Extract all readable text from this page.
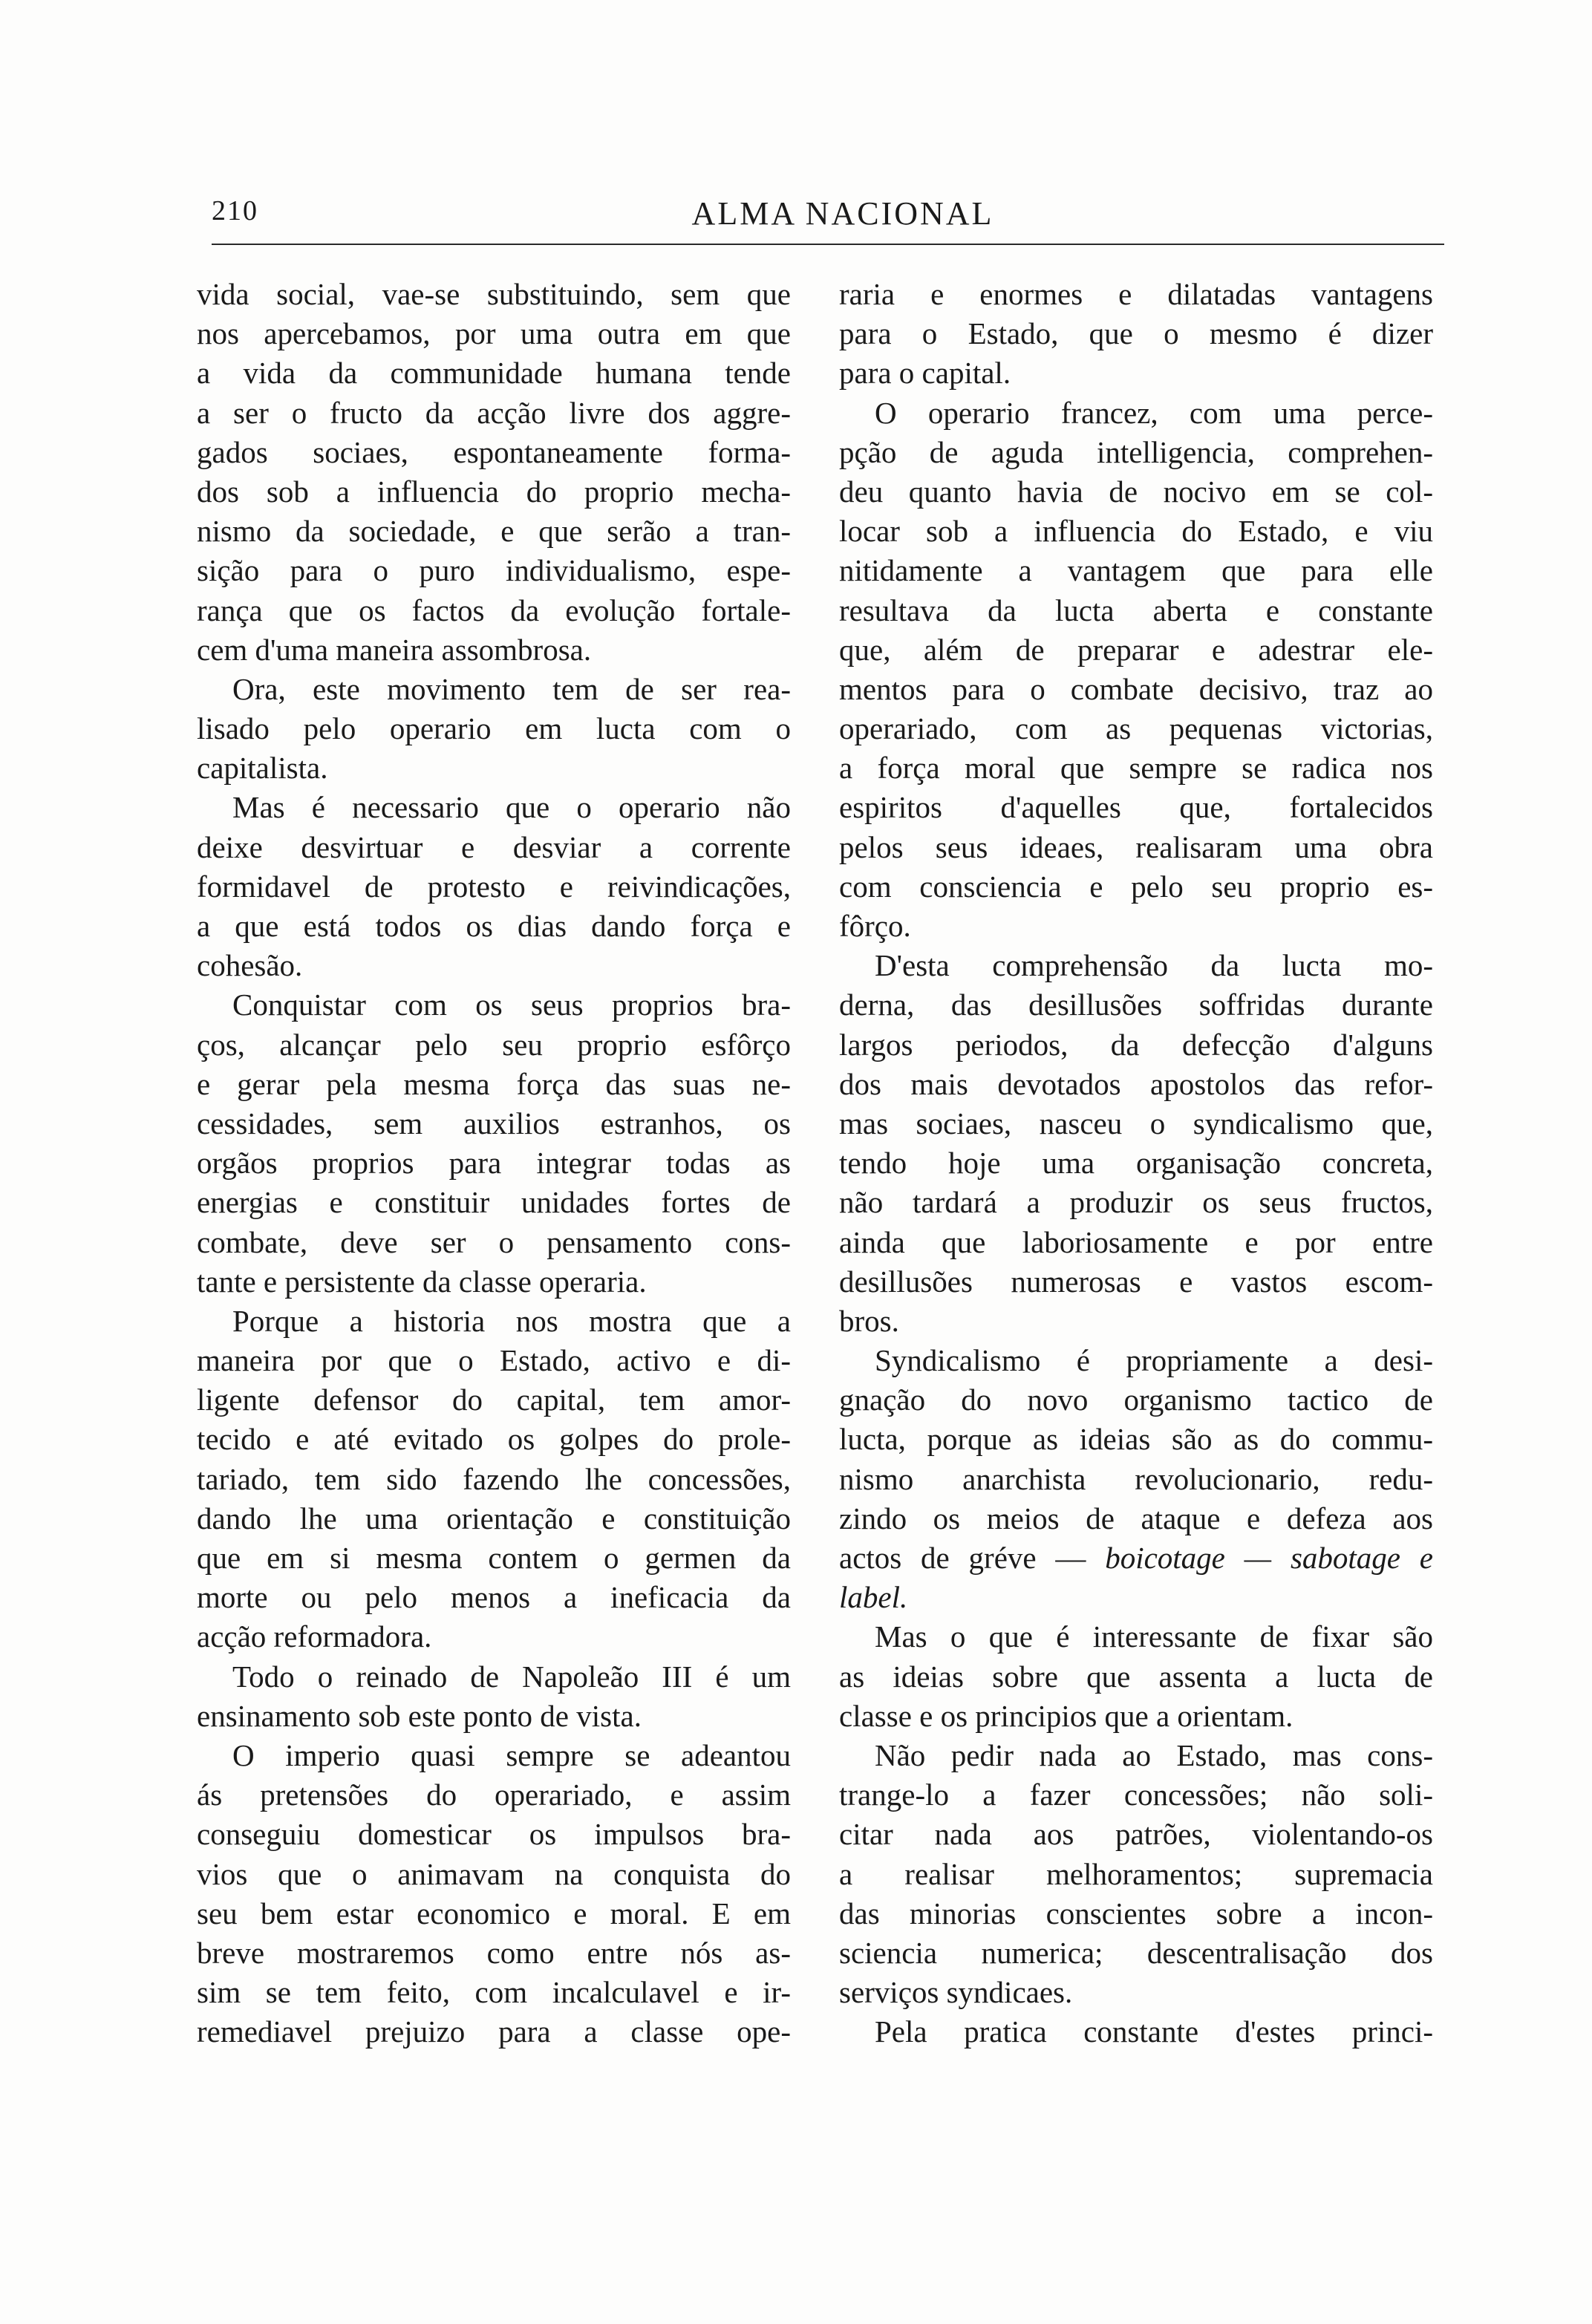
210	ALMA NACIONAL
vida social, vae-se substituindo, sem que
nos apercebamos, por uma outra em que
a vida da communidade humana tende
a ser o fructo da acção livre dos aggre-
gados sociaes, espontaneamente forma-
dos sob a influencia do proprio mecha-
nismo da sociedade, e que serão a tran-
sição para o puro individualismo, espe-
rança que os factos da evolução fortale-
cem d'uma maneira assombrosa.
Ora, este movimento tem de ser rea-
lisado pelo operario em lucta com o
capitalista.
Mas é necessario que o operario não
deixe desvirtuar e desviar a corrente
formidavel de protesto e reivindicações,
a que está todos os dias dando força e
cohesão.
Conquistar com os seus proprios bra-
ços, alcançar pelo seu proprio esfôrço
e gerar pela mesma força das suas ne-
cessidades, sem auxilios estranhos, os
orgãos proprios para integrar todas as
energias e constituir unidades fortes de
combate, deve ser o pensamento cons-
tante e persistente da classe operaria.
Porque a historia nos mostra que a
maneira por que o Estado, activo e di-
ligente defensor do capital, tem amor-
tecido e até evitado os golpes do prole-
tariado, tem sido fazendo lhe concessões,
dando lhe uma orientação e constituição
que em si mesma contem o germen da
morte ou pelo menos a ineficacia da
acção reformadora.
Todo o reinado de Napoleão III é um
ensinamento sob este ponto de vista.
O imperio quasi sempre se adeantou
ás pretensões do operariado, e assim
conseguiu domesticar os impulsos bra-
vios que o animavam na conquista do
seu bem estar economico e moral. E em
breve mostraremos como entre nós as-
sim se tem feito, com incalculavel e ir-
remediavel prejuizo para a classe ope-
raria e enormes e dilatadas vantagens
para o Estado, que o mesmo é dizer
para o capital.
O operario francez, com uma perce-
pção de aguda intelligencia, comprehen-
deu quanto havia de nocivo em se col-
locar sob a influencia do Estado, e viu
nitidamente a vantagem que para elle
resultava da lucta aberta e constante
que, além de preparar e adestrar ele-
mentos para o combate decisivo, traz ao
operariado, com as pequenas victorias,
a força moral que sempre se radica nos
espiritos d'aquelles que, fortalecidos
pelos seus ideaes, realisaram uma obra
com consciencia e pelo seu proprio es-
fôrço.
D'esta comprehensão da lucta mo-
derna, das desillusões soffridas durante
largos periodos, da defecção d'alguns
dos mais devotados apostolos das refor-
mas sociaes, nasceu o syndicalismo que,
tendo hoje uma organisação concreta,
não tardará a produzir os seus fructos,
ainda que laboriosamente e por entre
desillusões numerosas e vastos escom-
bros.
Syndicalismo é propriamente a desi-
gnação do novo organismo tactico de
lucta, porque as ideias são as do commu-
nismo anarchista revolucionario, redu-
zindo os meios de ataque e defeza aos
actos de gréve — boicotage — sabotage e
label.
Mas o que é interessante de fixar são
as ideias sobre que assenta a lucta de
classe e os principios que a orientam.
Não pedir nada ao Estado, mas cons-
trange-lo a fazer concessões; não soli-
citar nada aos patrões, violentando-os
a realisar melhoramentos; supremacia
das minorias conscientes sobre a incon-
sciencia numerica; descentralisação dos
serviços syndicaes.
Pela pratica constante d'estes princi-
